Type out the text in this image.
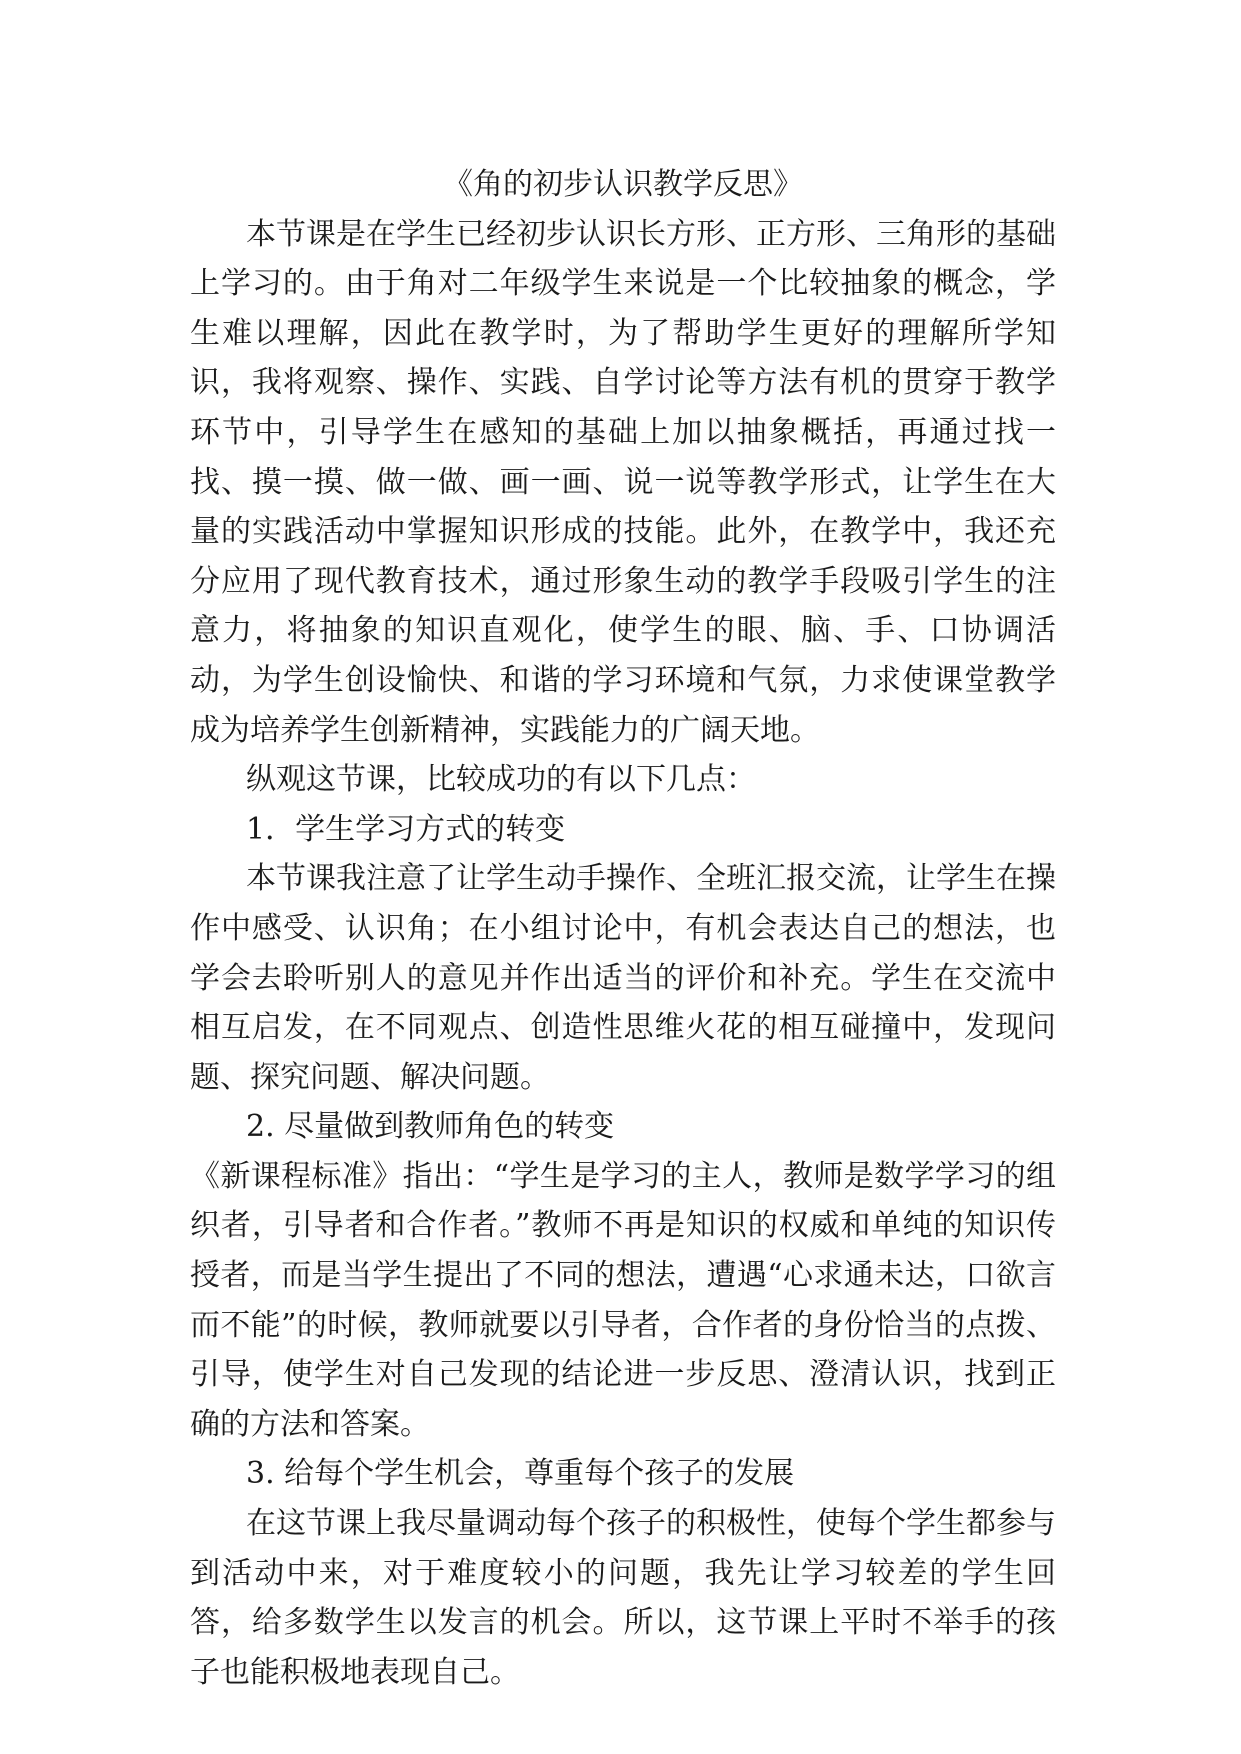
《角的初步认识教学反思》

本节课是在学生已经初步认识长方形、正方形、三角形的基础上学习的。由于角对二年级学生来说是一个比较抽象的概念，学生难以理解，因此在教学时，为了帮助学生更好的理解所学知识，我将观察、操作、实践、自学讨论等方法有机的贯穿于教学环节中，引导学生在感知的基础上加以抽象概括，再通过找一找、摸一摸、做一做、画一画、说一说等教学形式，让学生在大量的实践活动中掌握知识形成的技能。此外，在教学中，我还充分应用了现代教育技术，通过形象生动的教学手段吸引学生的注意力，将抽象的知识直观化，使学生的眼、脑、手、口协调活动，为学生创设愉快、和谐的学习环境和气氛，力求使课堂教学成为培养学生创新精神，实践能力的广阔天地。

纵观这节课，比较成功的有以下几点：

1．学生学习方式的转变

本节课我注意了让学生动手操作、全班汇报交流，让学生在操作中感受、认识角；在小组讨论中，有机会表达自己的想法，也学会去聆听别人的意见并作出适当的评价和补充。学生在交流中相互启发，在不同观点、创造性思维火花的相互碰撞中，发现问题、探究问题、解决问题。

2. 尽量做到教师角色的转变

《新课程标准》指出：“学生是学习的主人，教师是数学学习的组织者，引导者和合作者。”教师不再是知识的权威和单纯的知识传授者，而是当学生提出了不同的想法，遭遇“心求通未达，口欲言而不能”的时候，教师就要以引导者，合作者的身份恰当的点拨、引导，使学生对自己发现的结论进一步反思、澄清认识，找到正确的方法和答案。

3. 给每个学生机会，尊重每个孩子的发展

在这节课上我尽量调动每个孩子的积极性，使每个学生都参与到活动中来，对于难度较小的问题，我先让学习较差的学生回答，给多数学生以发言的机会。所以，这节课上平时不举手的孩子也能积极地表现自己。
